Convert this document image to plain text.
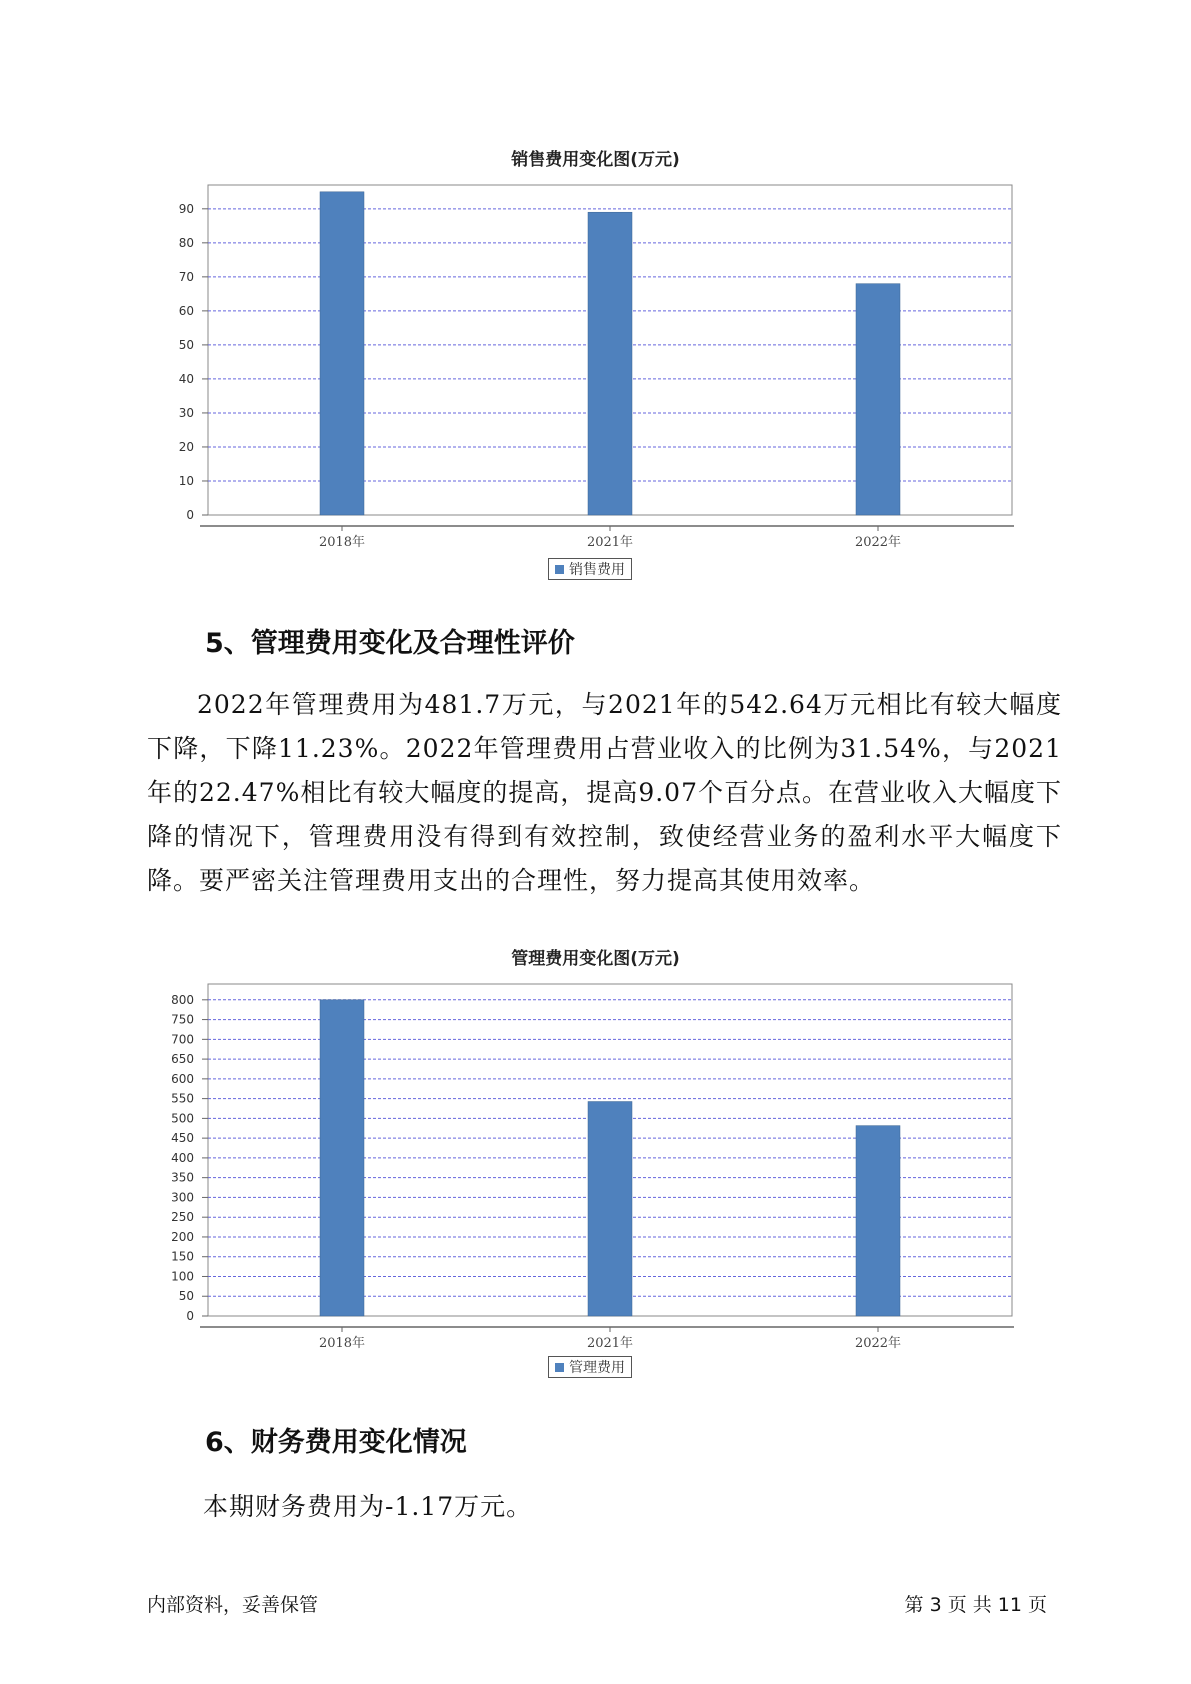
销售费用变化图(万元)
0
10
20
30
40
50
60
70
80
90
2018年	2021年	2022年
销售费用
5、管理费用变化及合理性评价
2022年管理费用为481.7万元，与2021年的542.64万元相比有较大幅度下降，下降11.23%。2022年管理费用占营业收入的比例为31.54%，与2021年的22.47%相比有较大幅度的提高，提高9.07个百分点。在营业收入大幅度下降的情况下，管理费用没有得到有效控制，致使经营业务的盈利水平大幅度下降。要严密关注管理费用支出的合理性，努力提高其使用效率。
管理费用变化图(万元)
0
50
100
150
200
250
300
350
400
450
500
550
600
650
700
750
800
2018年	2021年	2022年
管理费用
6、财务费用变化情况
本期财务费用为-1.17万元。
内部资料，妥善保管	第 3 页 共 11 页
